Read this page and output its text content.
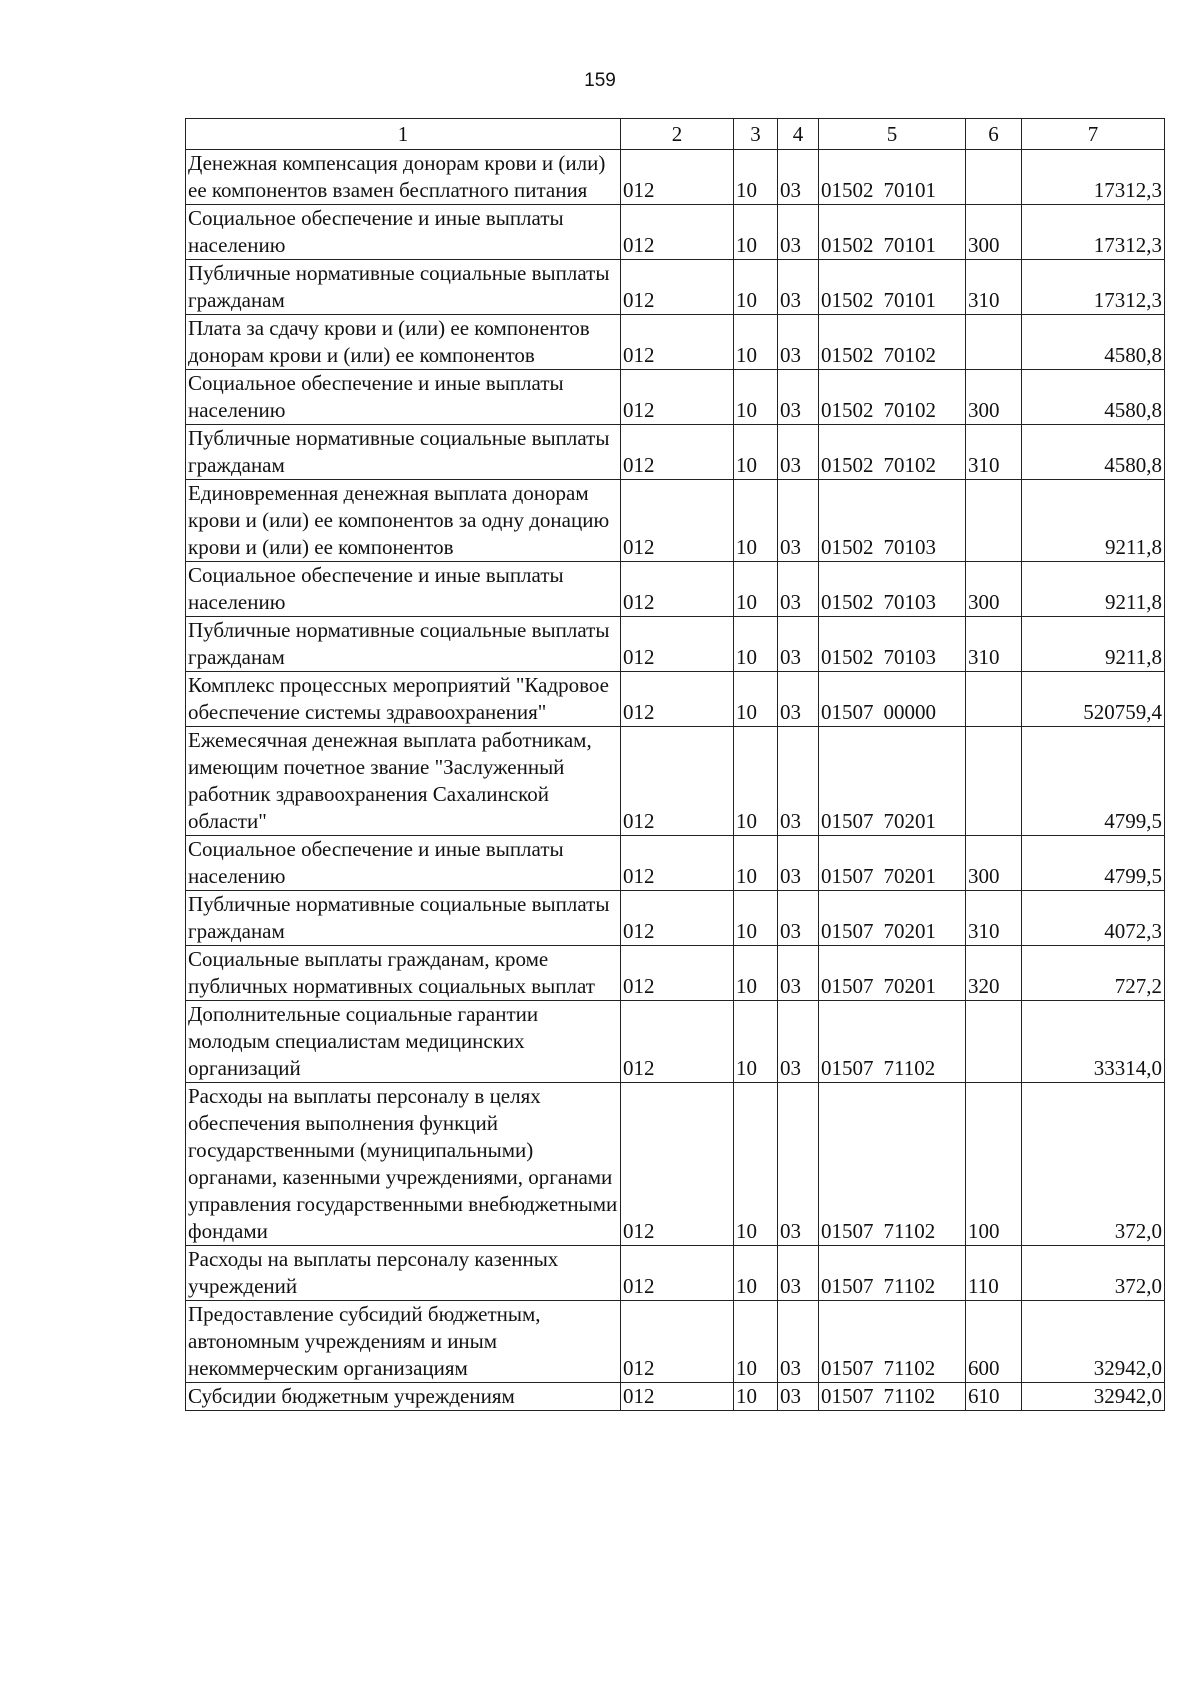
159
1	2	3	4	5	6	7
Денежная компенсация донорам крови и (или) ее компонентов взамен бесплатного питания	012	10	03	01502 70101		17312,3
Социальное обеспечение и иные выплаты населению	012	10	03	01502 70101	300	17312,3
Публичные нормативные социальные выплаты гражданам	012	10	03	01502 70101	310	17312,3
Плата за сдачу крови и (или) ее компонентов донорам крови и (или) ее компонентов	012	10	03	01502 70102		4580,8
Социальное обеспечение и иные выплаты населению	012	10	03	01502 70102	300	4580,8
Публичные нормативные социальные выплаты гражданам	012	10	03	01502 70102	310	4580,8
Единовременная денежная выплата донорам крови и (или) ее компонентов за одну донацию крови и (или) ее компонентов	012	10	03	01502 70103		9211,8
Социальное обеспечение и иные выплаты населению	012	10	03	01502 70103	300	9211,8
Публичные нормативные социальные выплаты гражданам	012	10	03	01502 70103	310	9211,8
Комплекс процессных мероприятий "Кадровое обеспечение системы здравоохранения"	012	10	03	01507 00000		520759,4
Ежемесячная денежная выплата работникам, имеющим почетное звание "Заслуженный работник здравоохранения Сахалинской области"	012	10	03	01507 70201		4799,5
Социальное обеспечение и иные выплаты населению	012	10	03	01507 70201	300	4799,5
Публичные нормативные социальные выплаты гражданам	012	10	03	01507 70201	310	4072,3
Социальные выплаты гражданам, кроме публичных нормативных социальных выплат	012	10	03	01507 70201	320	727,2
Дополнительные социальные гарантии молодым специалистам медицинских организаций	012	10	03	01507 71102		33314,0
Расходы на выплаты персоналу в целях обеспечения выполнения функций государственными (муниципальными) органами, казенными учреждениями, органами управления государственными внебюджетными фондами	012	10	03	01507 71102	100	372,0
Расходы на выплаты персоналу казенных учреждений	012	10	03	01507 71102	110	372,0
Предоставление субсидий бюджетным, автономным учреждениям и иным некоммерческим организациям	012	10	03	01507 71102	600	32942,0
Субсидии бюджетным учреждениям	012	10	03	01507 71102	610	32942,0
